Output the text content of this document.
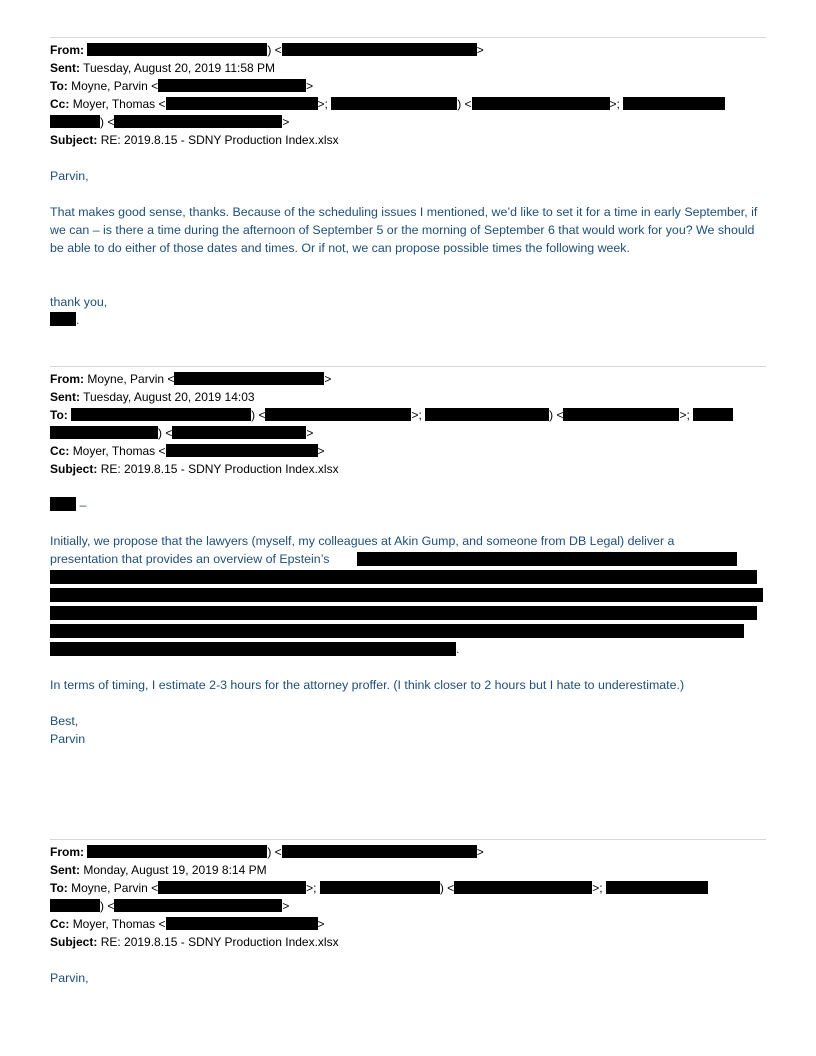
From:	) <	>
Sent: Tuesday, August 20, 2019 11:58 PM
To: Moyne, Parvin <	>
Cc: Moyer, Thomas <	>;	) <	>;
) <	>
Subject: RE: 2019.8.15 - SDNY Production Index.xlsx
Parvin,
That makes good sense, thanks. Because of the scheduling issues I mentioned, we’d like to set it for a time in early September, if we can – is there a time during the afternoon of September 5 or the morning of September 6 that would work for you? We should be able to do either of those dates and times. Or if not, we can propose possible times the following week.
thank you,
.
From: Moyne, Parvin <	>
Sent: Tuesday, August 20, 2019 14:03
To:	) <	>;	) <	>;
) <	>
Cc: Moyer, Thomas <	>
Subject: RE: 2019.8.15 - SDNY Production Index.xlsx
–
Initially, we propose that the lawyers (myself, my colleagues at Akin Gump, and someone from DB Legal) deliver a presentation that provides an overview of Epstein’s
.
In terms of timing, I estimate 2-3 hours for the attorney proffer. (I think closer to 2 hours but I hate to underestimate.)
Best,
Parvin
From:	) <	>
Sent: Monday, August 19, 2019 8:14 PM
To: Moyne, Parvin <	>;	) <	>;
) <	>
Cc: Moyer, Thomas <	>
Subject: RE: 2019.8.15 - SDNY Production Index.xlsx
Parvin,
